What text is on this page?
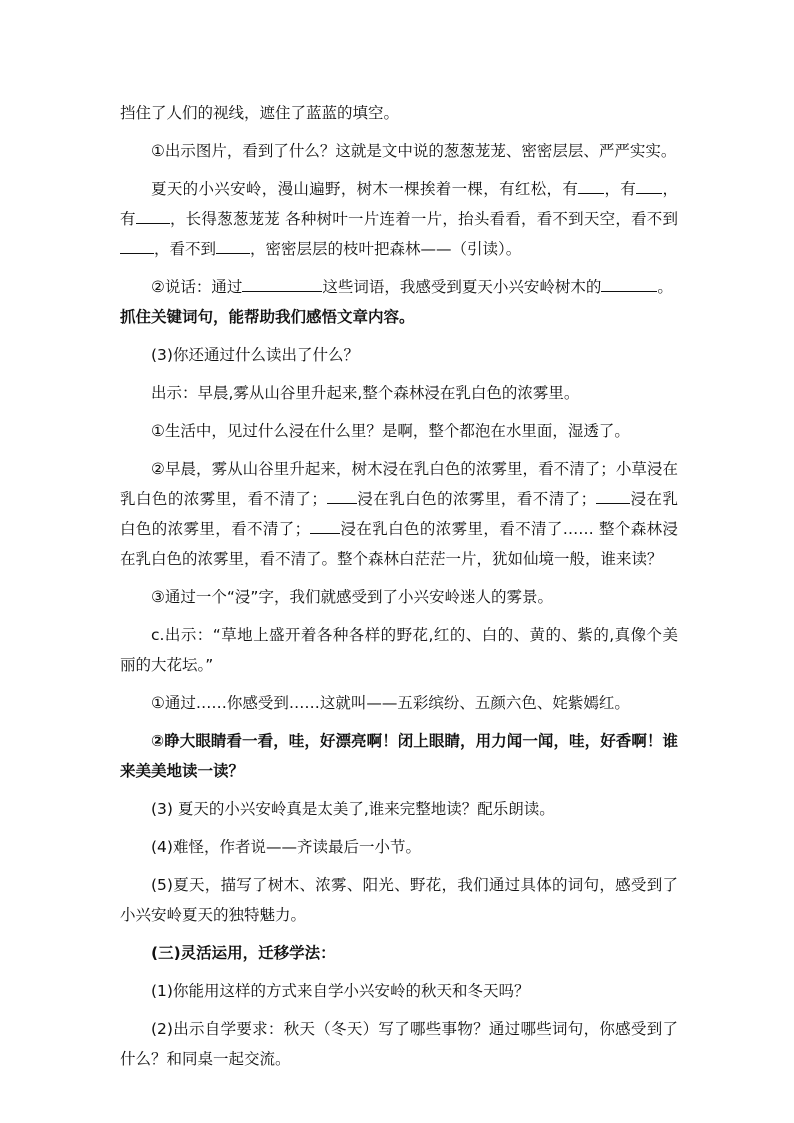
挡住了人们的视线，遮住了蓝蓝的填空。

①出示图片，看到了什么？这就是文中说的葱葱茏茏、密密层层、严严实实。

夏天的小兴安岭，漫山遍野，树木一棵挨着一棵，有红松，有 ，有 ，有 ，长得葱葱茏茏 各种树叶一片连着一片，抬头看看，看不到天空，看不到，看不到 ，密密层层的枝叶把森林——（引读）。

②说话：通过	这些词语，我感受到夏天小兴安岭树木的	。

抓住关键词句，能帮助我们感悟文章内容。

(3)你还通过什么读出了什么？

出示：早晨,雾从山谷里升起来,整个森林浸在乳白色的浓雾里。

①生活中，见过什么浸在什么里？是啊，整个都泡在水里面，湿透了。

②早晨，雾从山谷里升起来，树木浸在乳白色的浓雾里，看不清了；小草浸在乳白色的浓雾里，看不清了； 浸在乳白色的浓雾里，看不清了； 浸在乳白色的浓雾里，看不清了； 浸在乳白色的浓雾里，看不清了…… 整个森林浸在乳白色的浓雾里，看不清了。整个森林白茫茫一片，犹如仙境一般，谁来读？

③通过一个“浸”字，我们就感受到了小兴安岭迷人的雾景。

c.出示：“草地上盛开着各种各样的野花,红的、白的、黄的、紫的,真像个美丽的大花坛。”

①通过……你感受到……这就叫——五彩缤纷、五颜六色、姹紫嫣红。

②睁大眼睛看一看，哇，好漂亮啊！闭上眼睛，用力闻一闻，哇，好香啊！谁来美美地读一读？

(3) 夏天的小兴安岭真是太美了,谁来完整地读？配乐朗读。

(4)难怪，作者说——齐读最后一小节。

(5)夏天，描写了树木、浓雾、阳光、野花，我们通过具体的词句，感受到了小兴安岭夏天的独特魅力。

(三)灵活运用，迁移学法：

(1)你能用这样的方式来自学小兴安岭的秋天和冬天吗？

(2)出示自学要求：秋天（冬天）写了哪些事物？通过哪些词句，你感受到了什么？和同桌一起交流。
